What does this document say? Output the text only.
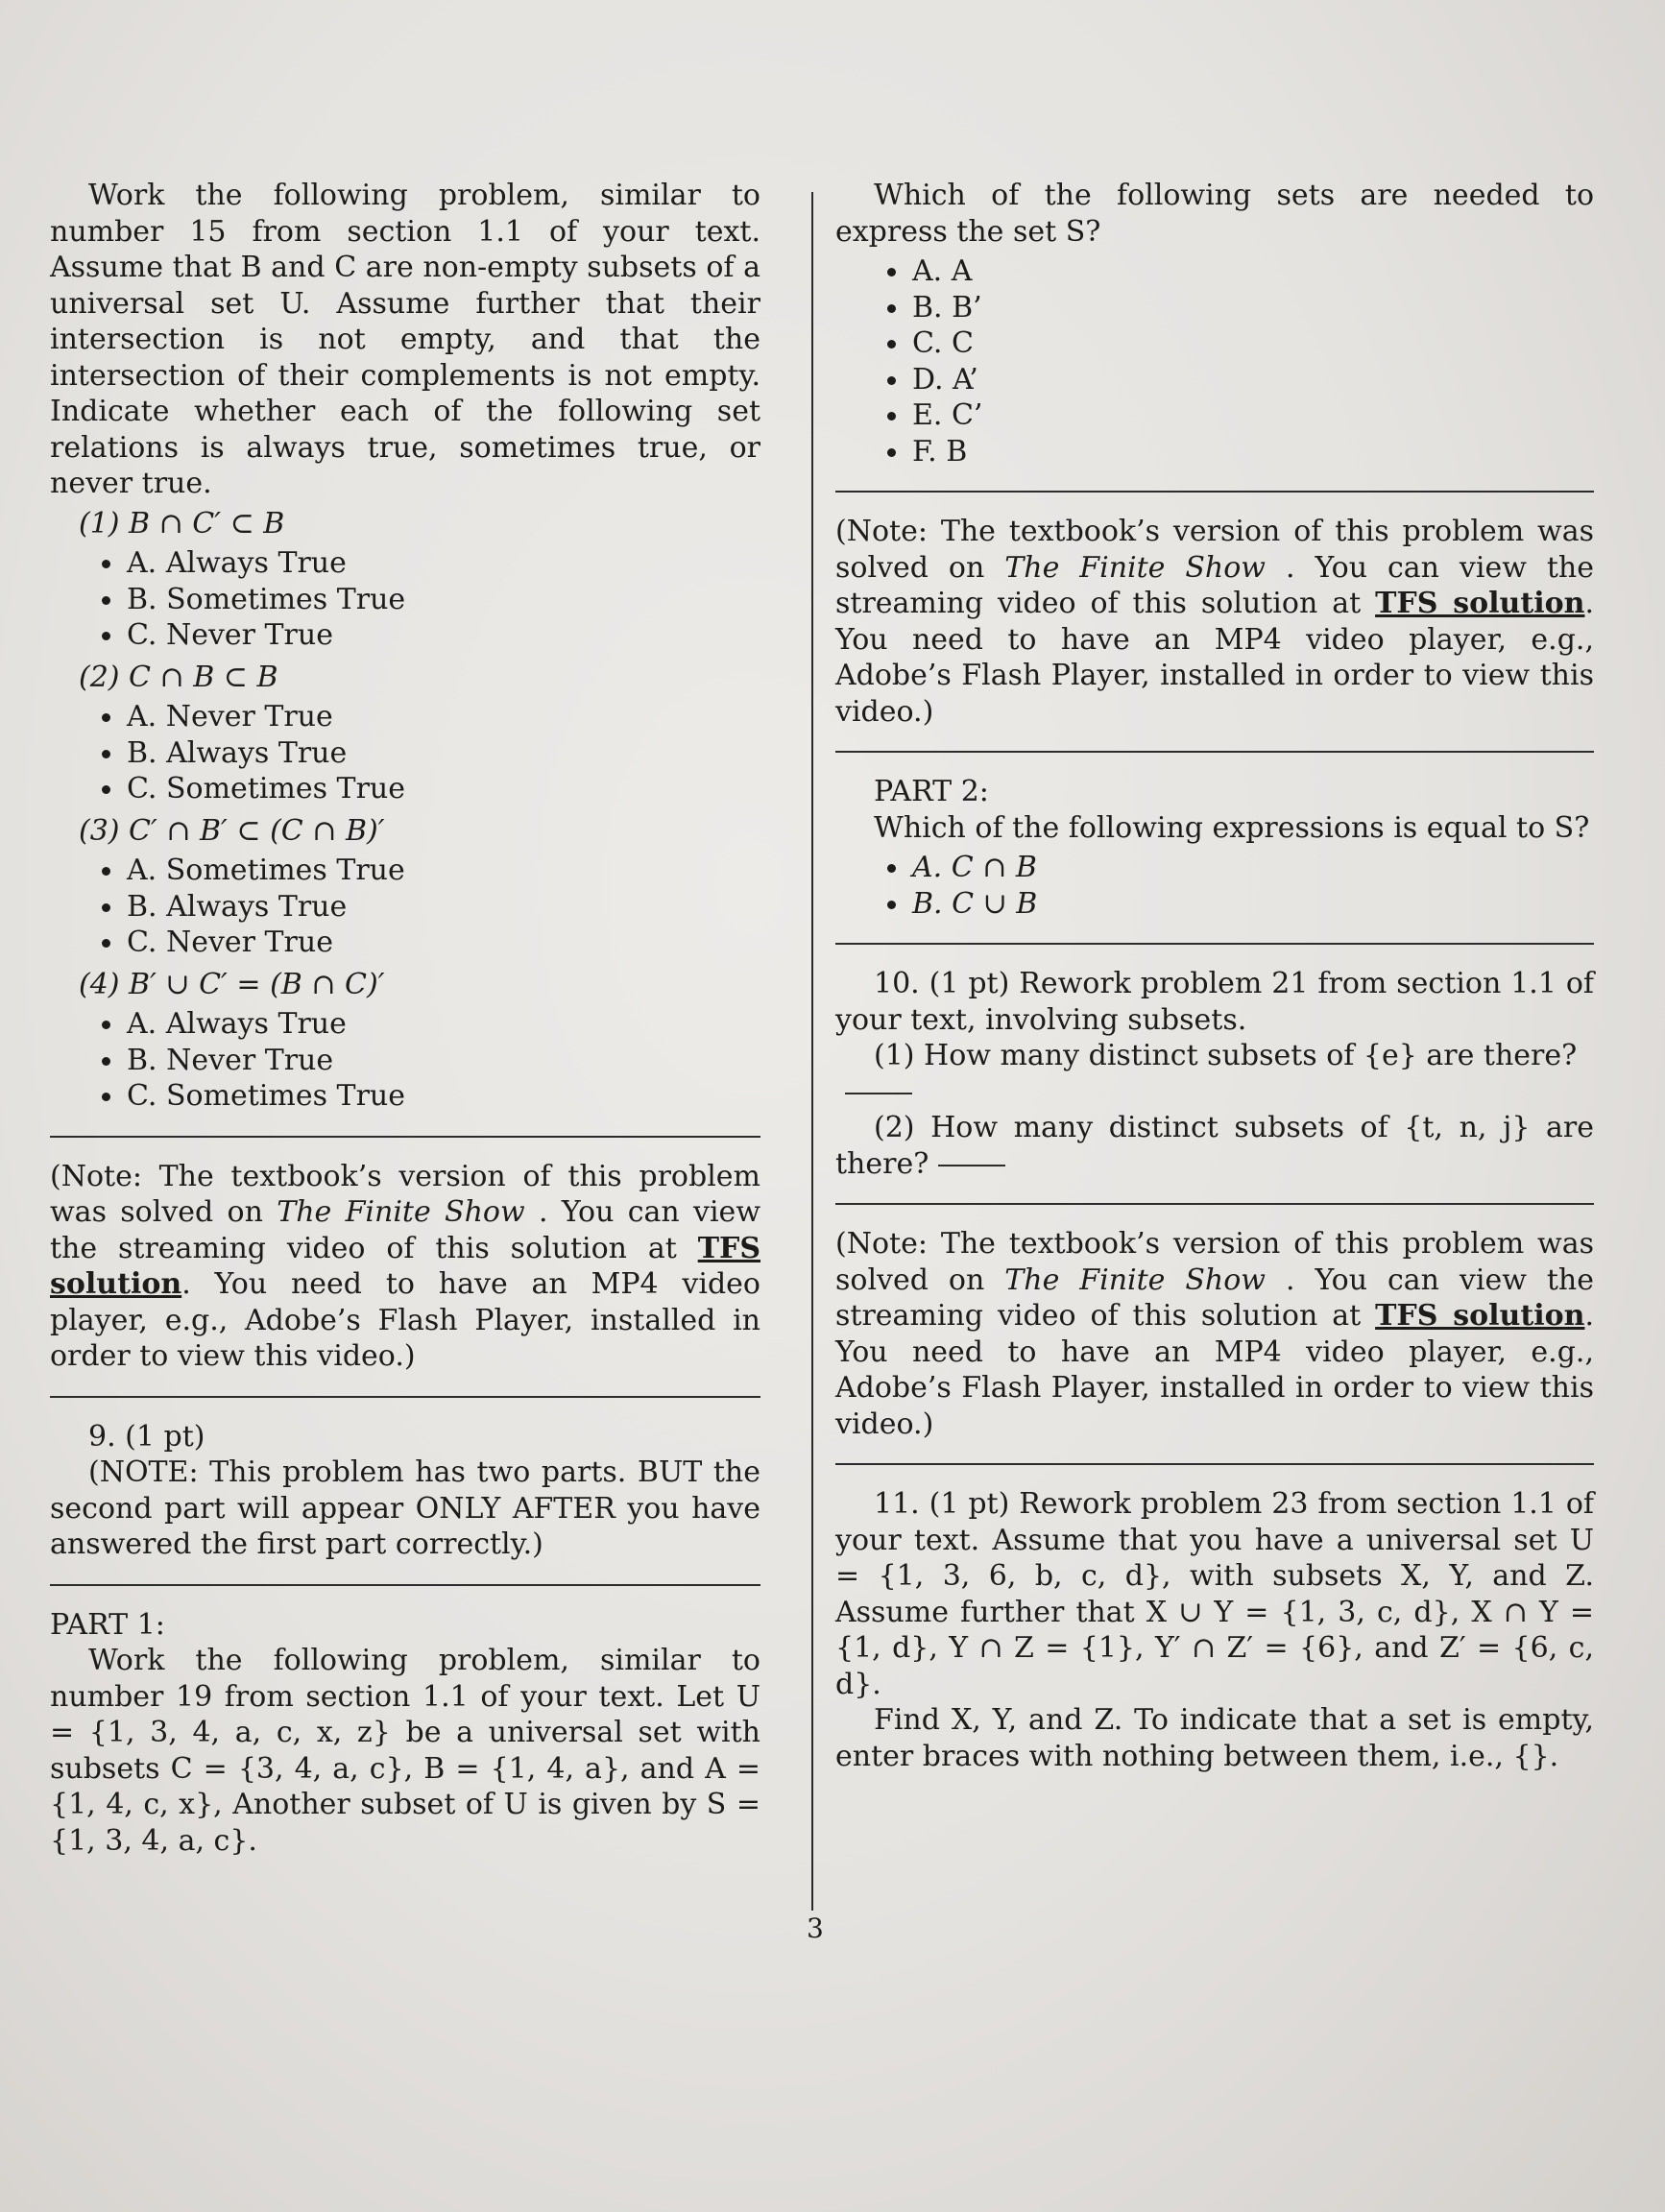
Work the following problem, similar to number 15 from section 1.1 of your text. Assume that B and C are non-empty subsets of a universal set U. Assume further that their intersection is not empty, and that the intersection of their complements is not empty. Indicate whether each of the following set relations is always true, sometimes true, or never true.

(1) B ∩ C′ ⊂ B

A. Always True
B. Sometimes True
C. Never True

(2) C ∩ B ⊂ B

A. Never True
B. Always True
C. Sometimes True

(3) C′ ∩ B′ ⊂ (C ∩ B)′

A. Sometimes True
B. Always True
C. Never True

(4) B′ ∪ C′ = (B ∩ C)′

A. Always True
B. Never True
C. Sometimes True

(Note: The textbook’s version of this problem was solved on The Finite Show . You can view the streaming video of this solution at TFS solution. You need to have an MP4 video player, e.g., Adobe’s Flash Player, installed in order to view this video.)

9. (1 pt)

(NOTE: This problem has two parts. BUT the second part will appear ONLY AFTER you have answered the first part correctly.)

PART 1:

Work the following problem, similar to number 19 from section 1.1 of your text. Let U = {1, 3, 4, a, c, x, z} be a universal set with subsets C = {3, 4, a, c}, B = {1, 4, a}, and A = {1, 4, c, x}, Another subset of U is given by S = {1, 3, 4, a, c}.

Which of the following sets are needed to express the set S?

A. A
B. B’
C. C
D. A’
E. C’
F. B

(Note: The textbook’s version of this problem was solved on The Finite Show . You can view the streaming video of this solution at TFS solution. You need to have an MP4 video player, e.g., Adobe’s Flash Player, installed in order to view this video.)

PART 2:

Which of the following expressions is equal to S?

A. C ∩ B
B. C ∪ B

10. (1 pt) Rework problem 21 from section 1.1 of your text, involving subsets.

(1) How many distinct subsets of {e} are there?

(2) How many distinct subsets of {t, n, j} are there?

(Note: The textbook’s version of this problem was solved on The Finite Show . You can view the streaming video of this solution at TFS solution. You need to have an MP4 video player, e.g., Adobe’s Flash Player, installed in order to view this video.)

11. (1 pt) Rework problem 23 from section 1.1 of your text. Assume that you have a universal set U = {1, 3, 6, b, c, d}, with subsets X, Y, and Z. Assume further that X ∪ Y = {1, 3, c, d}, X ∩ Y = {1, d}, Y ∩ Z = {1}, Y′ ∩ Z′ = {6}, and Z′ = {6, c, d}.

Find X, Y, and Z. To indicate that a set is empty, enter braces with nothing between them, i.e., {}.

3
